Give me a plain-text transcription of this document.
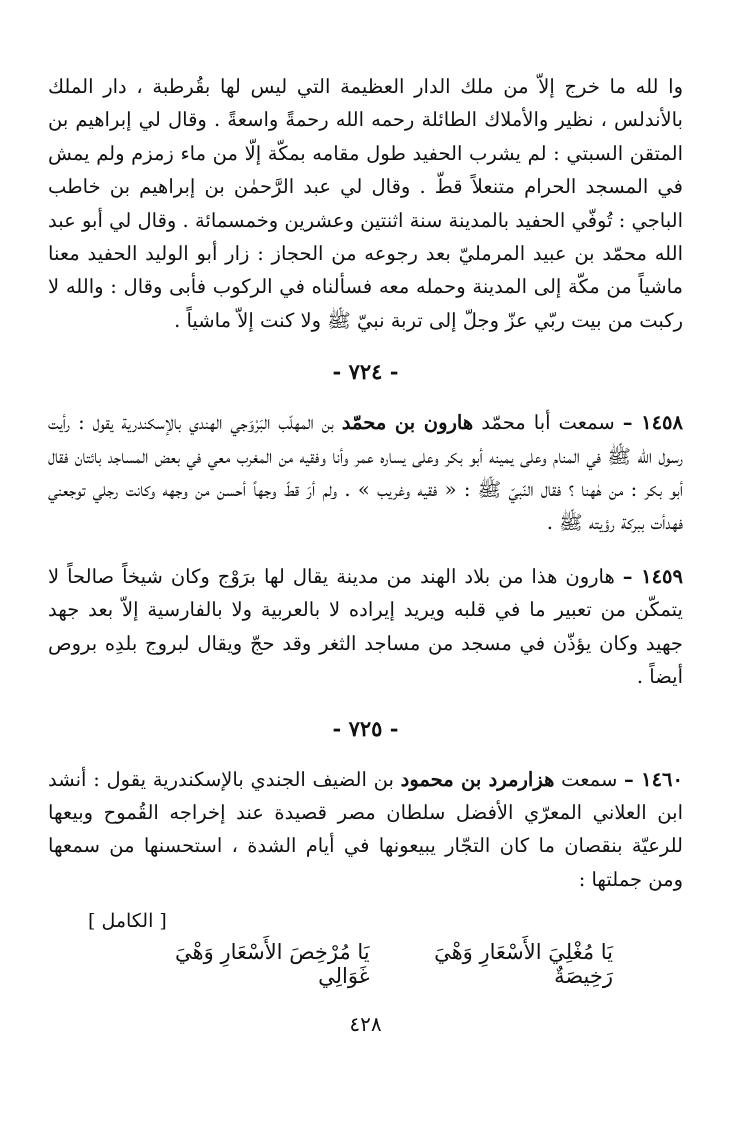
وا لله ما خرج إلاّ من ملك الدار العظيمة التي ليس لها بقُرطبة ، دار الملك بالأندلس ، نظير والأملاك الطائلة رحمه الله رحمةً واسعةً . وقال لي إبراهيم بن المتقن السبتي : لم يشرب الحفيد طول مقامه بمكّة إلّا من ماء زمزم ولم يمش في المسجد الحرام متنعلاً قطّ . وقال لي عبد الرَّحمٰن بن إبراهيم بن خاطب الباجي : تُوفّي الحفيد بالمدينة سنة اثنتين وعشرين وخمسمائة . وقال لي أبو عبد الله محمّد بن عبيد المرمليّ بعد رجوعه من الحجاز : زار أبو الوليد الحفيد معنا ماشياً من مكّة إلى المدينة وحمله معه فسألناه في الركوب فأبى وقال : والله لا ركبت من بيت ربّي عزّ وجلّ إلى تربة نبيّ ﷺ ولا كنت إلاّ ماشياً .

- ٧٢٤ -

١٤٥٨ – سمعت أبا محمّد هارون بن محمّد بن المهلّب البَرْوَجي الهندي بالإسكندرية يقول : رأيت رسول الله ﷺ في المنام وعلى يمينه أبو بكر وعلى يساره عمر وأنا وفقيه من المغرب معي في بعض المساجد بائتان فقال أبو بكر : من هٰهنا ؟ فقال النّبيّ ﷺ : « فقيه وغريب » . ولم أرَ قطّ وجهاً أحسن من وجهه وكانت رجلي توجعني فهدأت ببركة رؤيته ﷺ .

١٤٥٩ – هارون هذا من بلاد الهند من مدينة يقال لها برَوْج وكان شيخاً صالحاً لا يتمكّن من تعبير ما في قلبه ويريد إيراده لا بالعربية ولا بالفارسية إلاّ بعد جهد جهيد وكان يؤذّن في مسجد من مساجد الثغر وقد حجّ ويقال لبروج بلدِه بروص أيضاً .

- ٧٢٥ -

١٤٦٠ – سمعت هزارمرد بن محمود بن الضيف الجندي بالإسكندرية يقول : أنشد ابن العلاني المعرّي الأفضل سلطان مصر قصيدة عند إخراجه القُموح وبيعها للرعيّة بنقصان ما كان التجّار يبيعونها في أيام الشدة ، استحسنها من سمعها ومن جملتها :

[ الكامل ]
يَا مُغْلِيَ الأَسْعَارِ وَهْيَ رَخِيصَةٌ
يَا مُرْخِصَ الأَسْعَارِ وَهْيَ غَوَالِي
٤٢٨
